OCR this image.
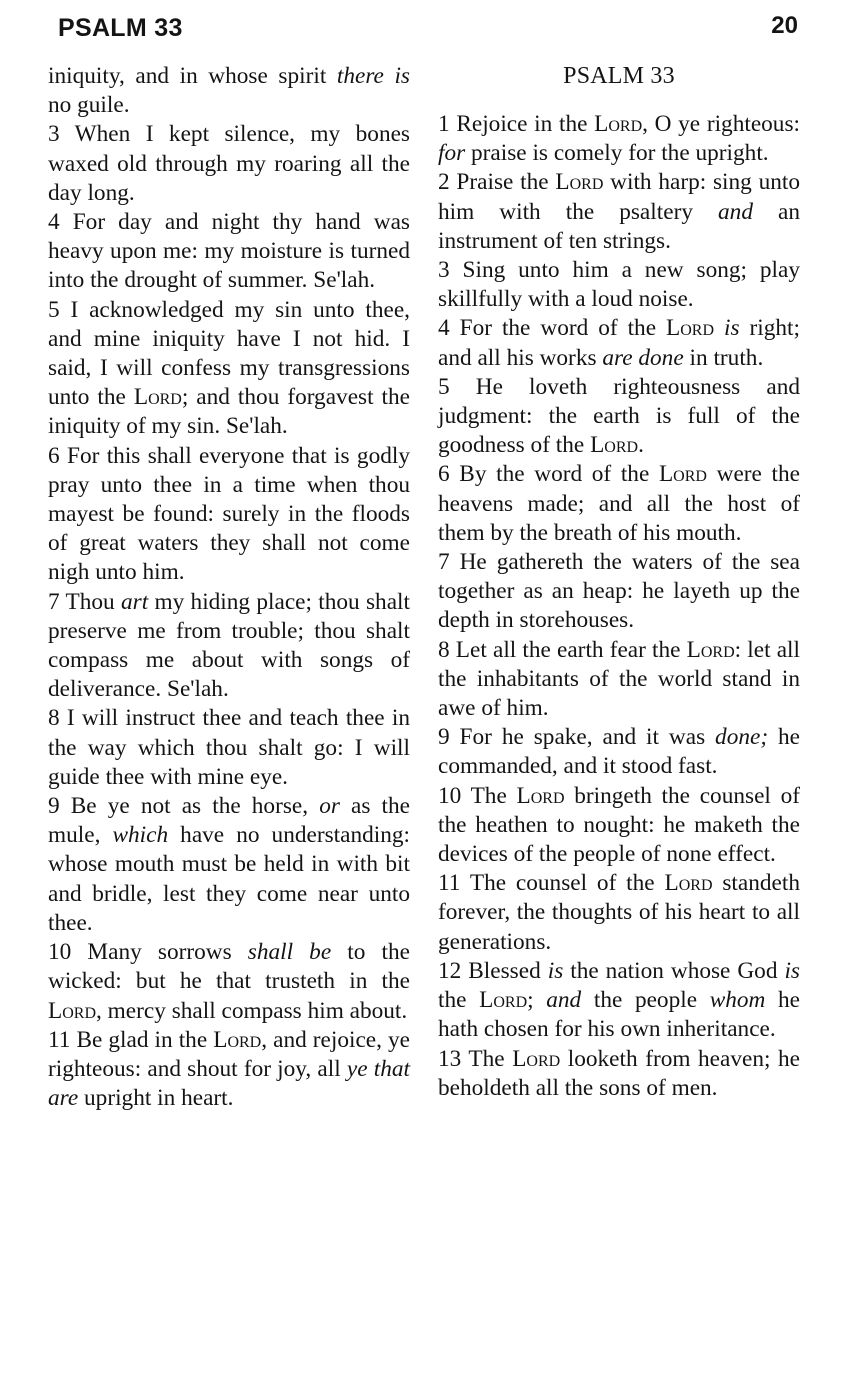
PSALM 33	20

iniquity, and in whose spirit there is no guile.

3 When I kept silence, my bones waxed old through my roaring all the day long.

4 For day and night thy hand was heavy upon me: my moisture is turned into the drought of summer. Se'lah.

5 I acknowledged my sin unto thee, and mine iniquity have I not hid. I said, I will confess my transgressions unto the Lord; and thou forgavest the iniquity of my sin. Se'lah.

6 For this shall everyone that is godly pray unto thee in a time when thou mayest be found: surely in the floods of great waters they shall not come nigh unto him.

7 Thou art my hiding place; thou shalt preserve me from trouble; thou shalt compass me about with songs of deliverance. Se'lah.

8 I will instruct thee and teach thee in the way which thou shalt go: I will guide thee with mine eye.

9 Be ye not as the horse, or as the mule, which have no understanding: whose mouth must be held in with bit and bridle, lest they come near unto thee.

10 Many sorrows shall be to the wicked: but he that trusteth in the Lord, mercy shall compass him about.

11 Be glad in the Lord, and rejoice, ye righteous: and shout for joy, all ye that are upright in heart.

PSALM 33

1 Rejoice in the Lord, O ye righteous: for praise is comely for the upright.

2 Praise the Lord with harp: sing unto him with the psaltery and an instrument of ten strings.

3 Sing unto him a new song; play skillfully with a loud noise.

4 For the word of the Lord is right; and all his works are done in truth.

5 He loveth righteousness and judgment: the earth is full of the goodness of the Lord.

6 By the word of the Lord were the heavens made; and all the host of them by the breath of his mouth.

7 He gathereth the waters of the sea together as an heap: he layeth up the depth in storehouses.

8 Let all the earth fear the Lord: let all the inhabitants of the world stand in awe of him.

9 For he spake, and it was done; he commanded, and it stood fast.

10 The Lord bringeth the counsel of the heathen to nought: he maketh the devices of the people of none effect.

11 The counsel of the Lord standeth forever, the thoughts of his heart to all generations.

12 Blessed is the nation whose God is the Lord; and the people whom he hath chosen for his own inheritance.

13 The Lord looketh from heaven; he beholdeth all the sons of men.
